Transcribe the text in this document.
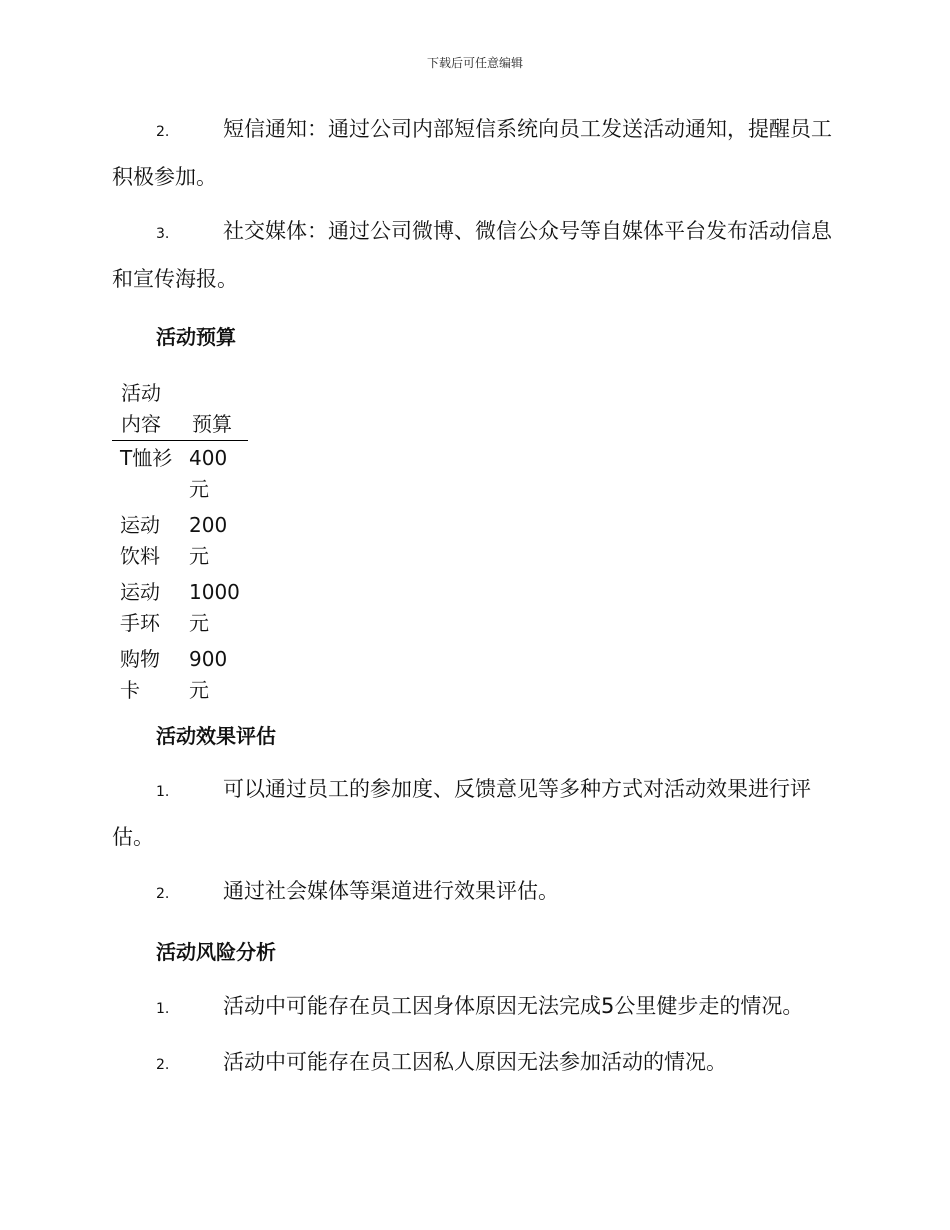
下载后可任意编辑
2.	短信通知：通过公司内部短信系统向员工发送活动通知，提醒员工积极参加。
3.	社交媒体：通过公司微博、微信公众号等自媒体平台发布活动信息和宣传海报。
活动预算
活动内容	预算
T恤衫	400元
运动饮料	200元
运动手环	1000元
购物卡	900元
活动效果评估
1.	可以通过员工的参加度、反馈意见等多种方式对活动效果进行评估。
2.	通过社会媒体等渠道进行效果评估。
活动风险分析
1.	活动中可能存在员工因身体原因无法完成5公里健步走的情况。
2.	活动中可能存在员工因私人原因无法参加活动的情况。
